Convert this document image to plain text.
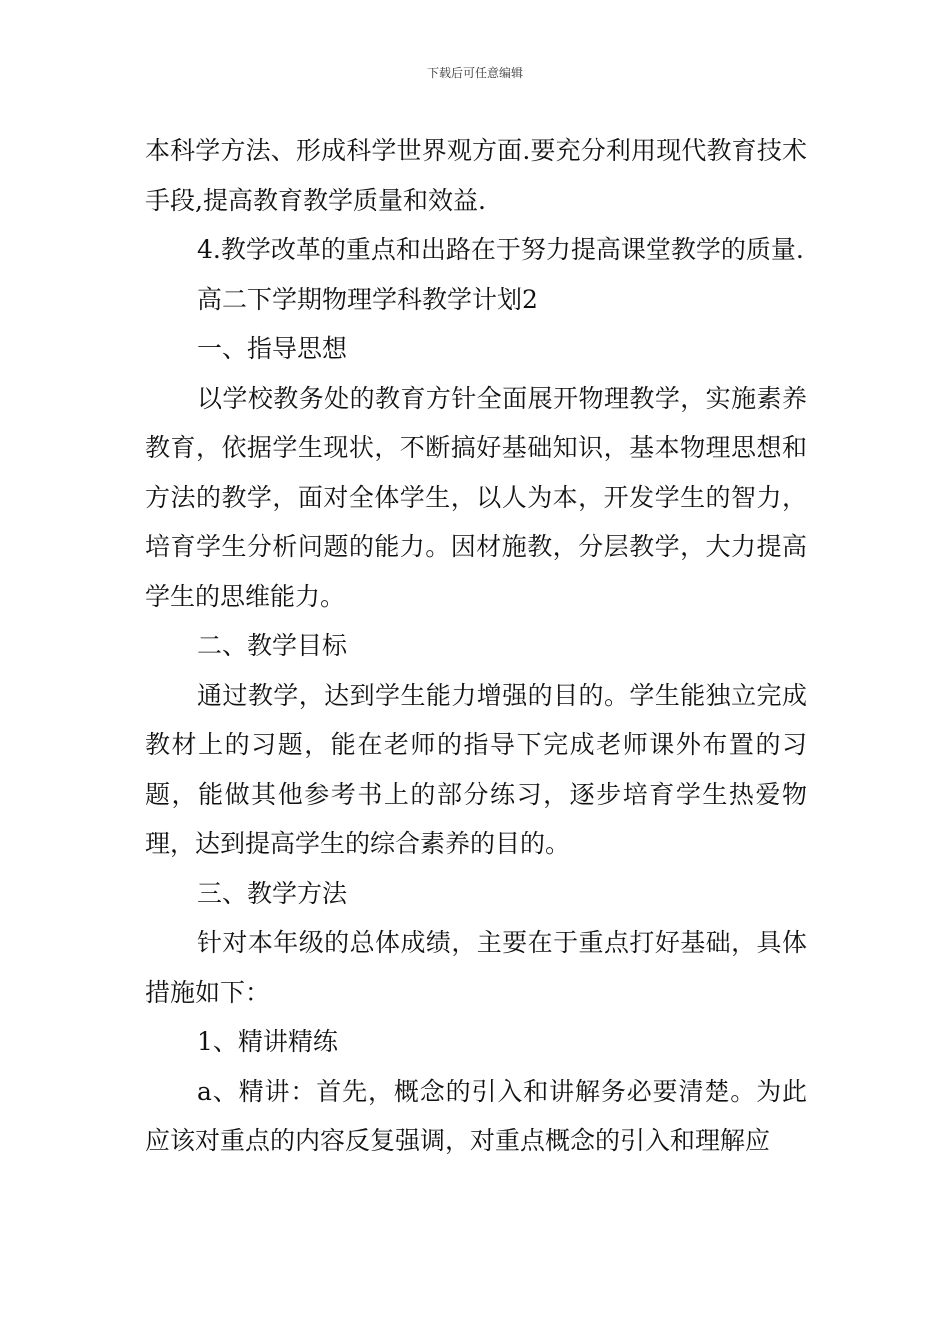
下载后可任意编辑

本科学方法、形成科学世界观方面.要充分利用现代教育技术手段,提高教育教学质量和效益.

4.教学改革的重点和出路在于努力提高课堂教学的质量.

高二下学期物理学科教学计划2

一、指导思想

以学校教务处的教育方针全面展开物理教学，实施素养教育，依据学生现状，不断搞好基础知识，基本物理思想和方法的教学，面对全体学生，以人为本，开发学生的智力，培育学生分析问题的能力。因材施教，分层教学，大力提高学生的思维能力。

二、教学目标

通过教学，达到学生能力增强的目的。学生能独立完成教材上的习题，能在老师的指导下完成老师课外布置的习题，能做其他参考书上的部分练习，逐步培育学生热爱物理，达到提高学生的综合素养的目的。

三、教学方法

针对本年级的总体成绩，主要在于重点打好基础，具体措施如下：

1、精讲精练

a、精讲：首先，概念的引入和讲解务必要清楚。为此应该对重点的内容反复强调，对重点概念的引入和理解应
